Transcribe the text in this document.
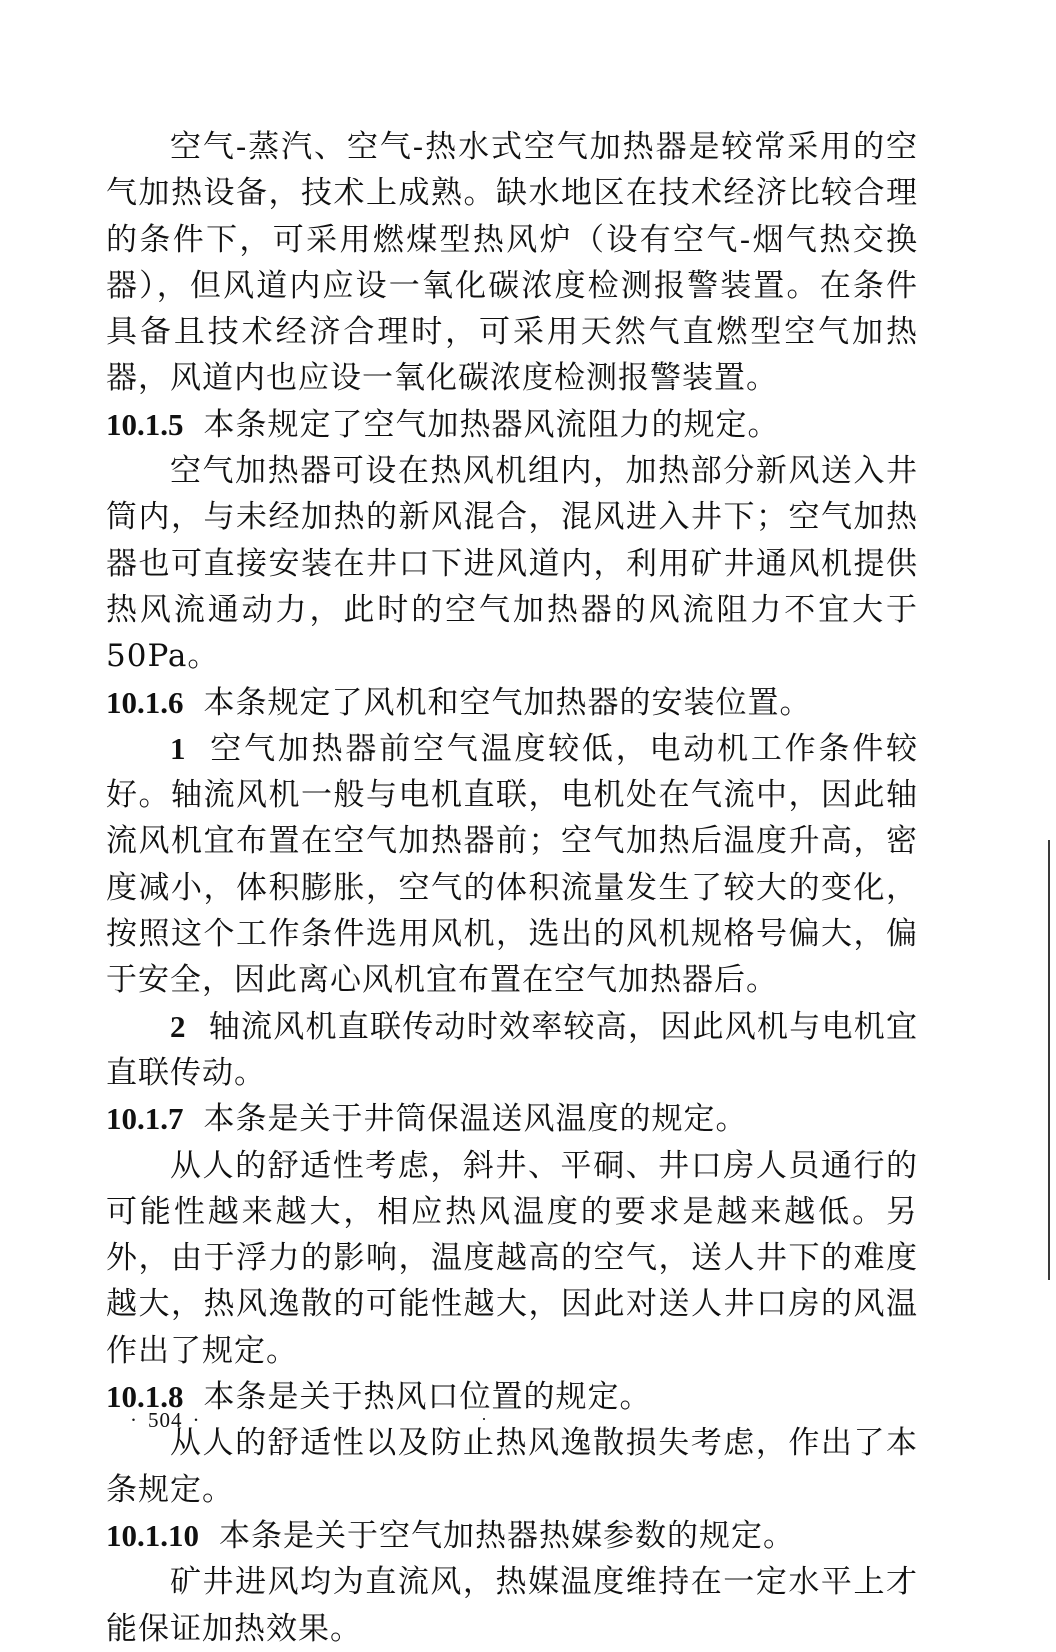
空气-蒸汽、空气-热水式空气加热器是较常采用的空气加热设备，技术上成熟。缺水地区在技术经济比较合理的条件下，可采用燃煤型热风炉（设有空气-烟气热交换器），但风道内应设一氧化碳浓度检测报警装置。在条件具备且技术经济合理时，可采用天然气直燃型空气加热器，风道内也应设一氧化碳浓度检测报警装置。

10.1.5 本条规定了空气加热器风流阻力的规定。

空气加热器可设在热风机组内，加热部分新风送入井筒内，与未经加热的新风混合，混风进入井下；空气加热器也可直接安装在井口下进风道内，利用矿井通风机提供热风流通动力，此时的空气加热器的风流阻力不宜大于 50Pa。

10.1.6 本条规定了风机和空气加热器的安装位置。

1 空气加热器前空气温度较低，电动机工作条件较好。轴流风机一般与电机直联，电机处在气流中，因此轴流风机宜布置在空气加热器前；空气加热后温度升高，密度减小，体积膨胀，空气的体积流量发生了较大的变化，按照这个工作条件选用风机，选出的风机规格号偏大，偏于安全，因此离心风机宜布置在空气加热器后。

2 轴流风机直联传动时效率较高，因此风机与电机宜直联传动。

10.1.7 本条是关于井筒保温送风温度的规定。

从人的舒适性考虑，斜井、平硐、井口房人员通行的可能性越来越大，相应热风温度的要求是越来越低。另外，由于浮力的影响，温度越高的空气，送人井下的难度越大，热风逸散的可能性越大，因此对送人井口房的风温作出了规定。

10.1.8 本条是关于热风口位置的规定。

从人的舒适性以及防止热风逸散损失考虑，作出了本条规定。

10.1.10 本条是关于空气加热器热媒参数的规定。

矿井进风均为直流风，热媒温度维持在一定水平上才能保证加热效果。

· 504 ·
